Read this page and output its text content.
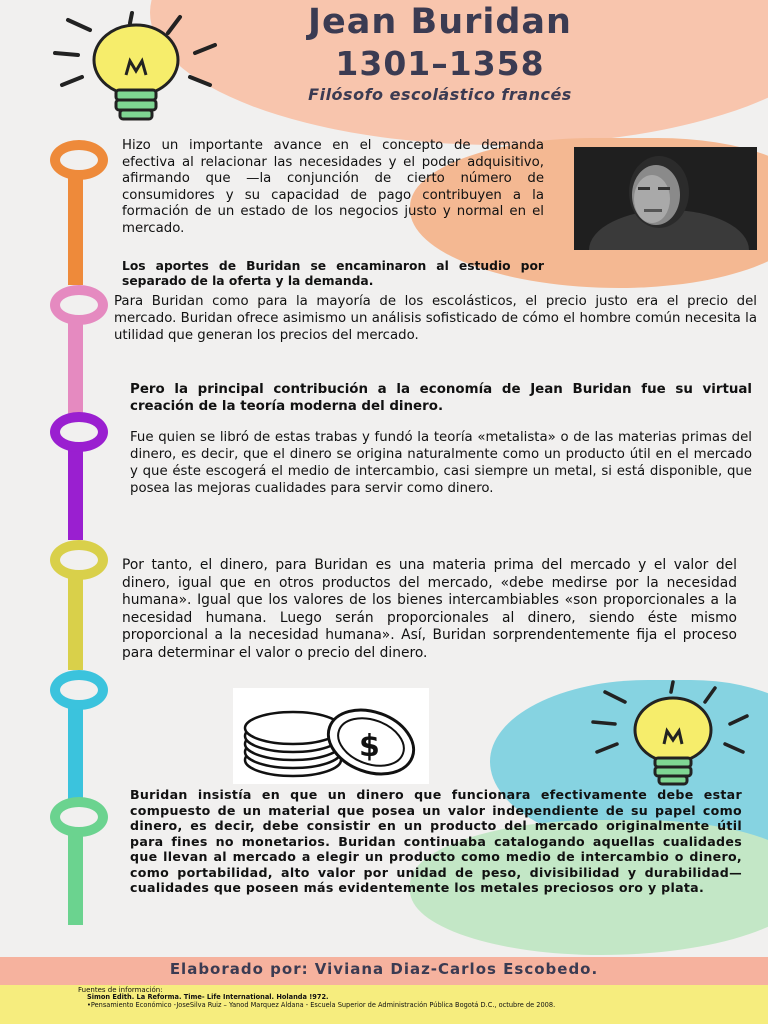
Jean Buridan
1301–1358
Filósofo escolástico francés
Hizo un importante avance en el concepto de demanda efectiva al relacionar las necesidades y el poder adquisitivo, afirmando que —la conjunción de cierto número de consumidores y su capacidad de pago contribuyen a la formación de un estado de los negocios justo y normal en el mercado.
Los aportes de Buridan se encaminaron al estudio por separado de la oferta y la demanda.
Para Buridan como para la mayoría de los escolásticos, el precio justo era el precio del mercado. Buridan ofrece asimismo un análisis sofisticado de cómo el hombre común necesita la utilidad que generan los precios del mercado.
Pero la principal contribución a la economía de Jean Buridan fue su virtual creación de la teoría moderna del dinero.
Fue quien se libró de estas trabas y fundó la teoría «metalista» o de las materias primas del dinero, es decir, que el dinero se origina naturalmente como un producto útil en el mercado y que éste escogerá el medio de intercambio, casi siempre un metal, si está disponible, que posea las mejoras cualidades para servir como dinero.
Por tanto, el dinero, para Buridan es una materia prima del mercado y el valor del dinero, igual que en otros productos del mercado, «debe medirse por la necesidad humana». Igual que los valores de los bienes intercambiables «son proporcionales a la necesidad humana. Luego serán proporcionales al dinero, siendo éste mismo proporcional a la necesidad humana». Así, Buridan sorprendentemente fija el proceso para determinar el valor o precio del dinero.
$
Buridan insistía en que un dinero que funcionara efectivamente debe estar compuesto de un material que posea un valor independiente de su papel como dinero, es decir, debe consistir en un producto del mercado originalmente útil para fines no monetarios. Buridan continuaba catalogando aquellas cualidades que llevan al mercado a elegir un producto como medio de intercambio o dinero, como portabilidad, alto valor por unidad de peso, divisibilidad y durabilidad—cualidades que poseen más evidentemente los metales preciosos oro y plata.
Elaborado por: Viviana Diaz-Carlos Escobedo.
Fuentes de información:
Simon Edith. La Reforma. Time- Life International. Holanda !972.
•Pensamiento Económico -JoseSilva Ruiz – Yanod Marquez Aldana - Escuela Superior de Administración Pública Bogotá D.C., octubre de 2008.
